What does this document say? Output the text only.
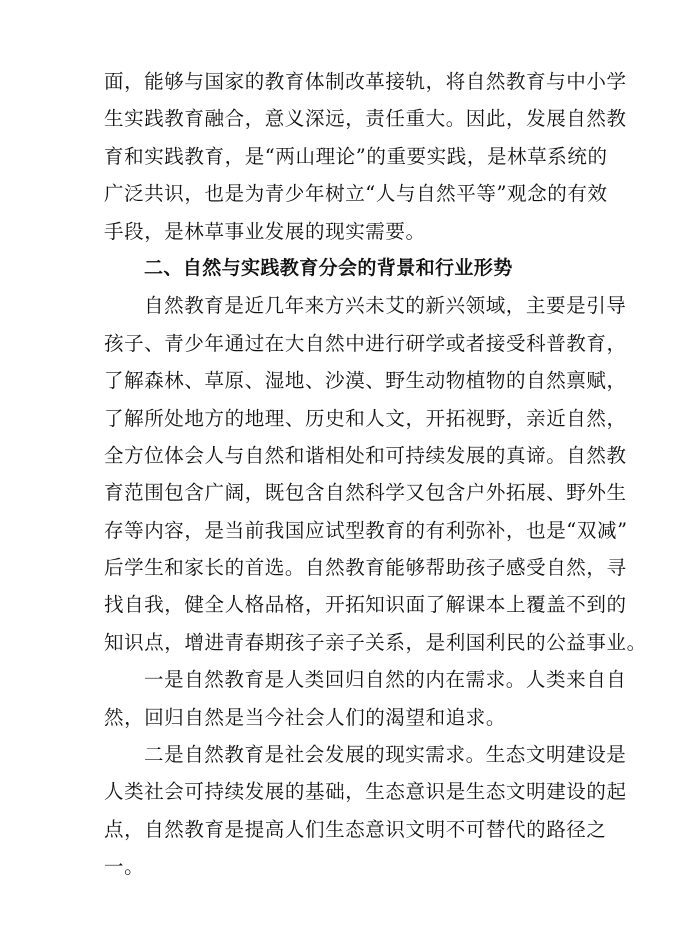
面，能够与国家的教育体制改革接轨，将自然教育与中小学
生实践教育融合，意义深远，责任重大。因此，发展自然教
育和实践教育，是“两山理论”的重要实践，是林草系统的
广泛共识，也是为青少年树立“人与自然平等”观念的有效
手段，是林草事业发展的现实需要。
二、自然与实践教育分会的背景和行业形势
自然教育是近几年来方兴未艾的新兴领域，主要是引导
孩子、青少年通过在大自然中进行研学或者接受科普教育，
了解森林、草原、湿地、沙漠、野生动物植物的自然禀赋，
了解所处地方的地理、历史和人文，开拓视野，亲近自然，
全方位体会人与自然和谐相处和可持续发展的真谛。自然教
育范围包含广阔，既包含自然科学又包含户外拓展、野外生
存等内容，是当前我国应试型教育的有利弥补，也是“双减”
后学生和家长的首选。自然教育能够帮助孩子感受自然，寻
找自我，健全人格品格，开拓知识面了解课本上覆盖不到的
知识点，增进青春期孩子亲子关系，是利国利民的公益事业。
一是自然教育是人类回归自然的内在需求。人类来自自
然，回归自然是当今社会人们的渴望和追求。
二是自然教育是社会发展的现实需求。生态文明建设是
人类社会可持续发展的基础，生态意识是生态文明建设的起
点，自然教育是提高人们生态意识文明不可替代的路径之
一。
